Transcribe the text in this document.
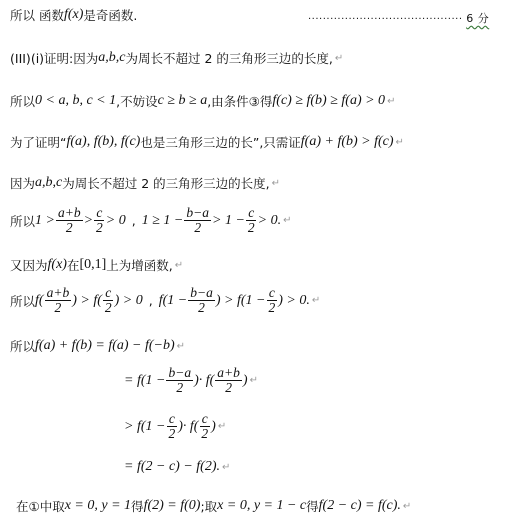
所以 函数 f(x) 是奇函数.	·········································· 6 分
(III)(ⅰ)证明:因为 a,b,c 为周长不超过 2 的三角形三边的长度, ↵
所以 0 < a, b, c < 1 ,不妨设 c ≥ b ≥ a ,由条件③得 f(c) ≥ f(b) ≥ f(a) > 0 ↵
为了证明“ f(a), f(b), f(c) 也是三角形三边的长”,只需证 f(a) + f(b) > f(c) ↵
因为 a,b,c 为周长不超过 2 的三角形三边的长度, ↵
所以 $1 > \frac{a+b}{2} > \frac{c}{2} > 0$ , $1 \ge 1 - \frac{b-a}{2} > 1 - \frac{c}{2} > 0$. ↵
又因为 f(x) 在 [0,1] 上为增函数, ↵
所以 $f( \frac{a+b}{2}$ ) > $f( \frac{c}{2}$ ) > 0 , $f(1 - \frac{b-a}{2}$ ) > $f(1 - \frac{c}{2}$ ) > 0. ↵
所以 f(a) + f(b) = f(a) − f(−b) ↵
= $f(1 - \frac{b-a}{2}$ )· $f( \frac{a+b}{2}$ ) ↵
> $f(1 - \frac{c}{2}$ )· $f( \frac{c}{2}$ ) ↵
= f(2 − c) − f(2). ↵
在①中取 x = 0, y = 1 得 f(2) = f(0) ;取 x = 0, y = 1 − c 得 f(2 − c) = f(c). ↵
